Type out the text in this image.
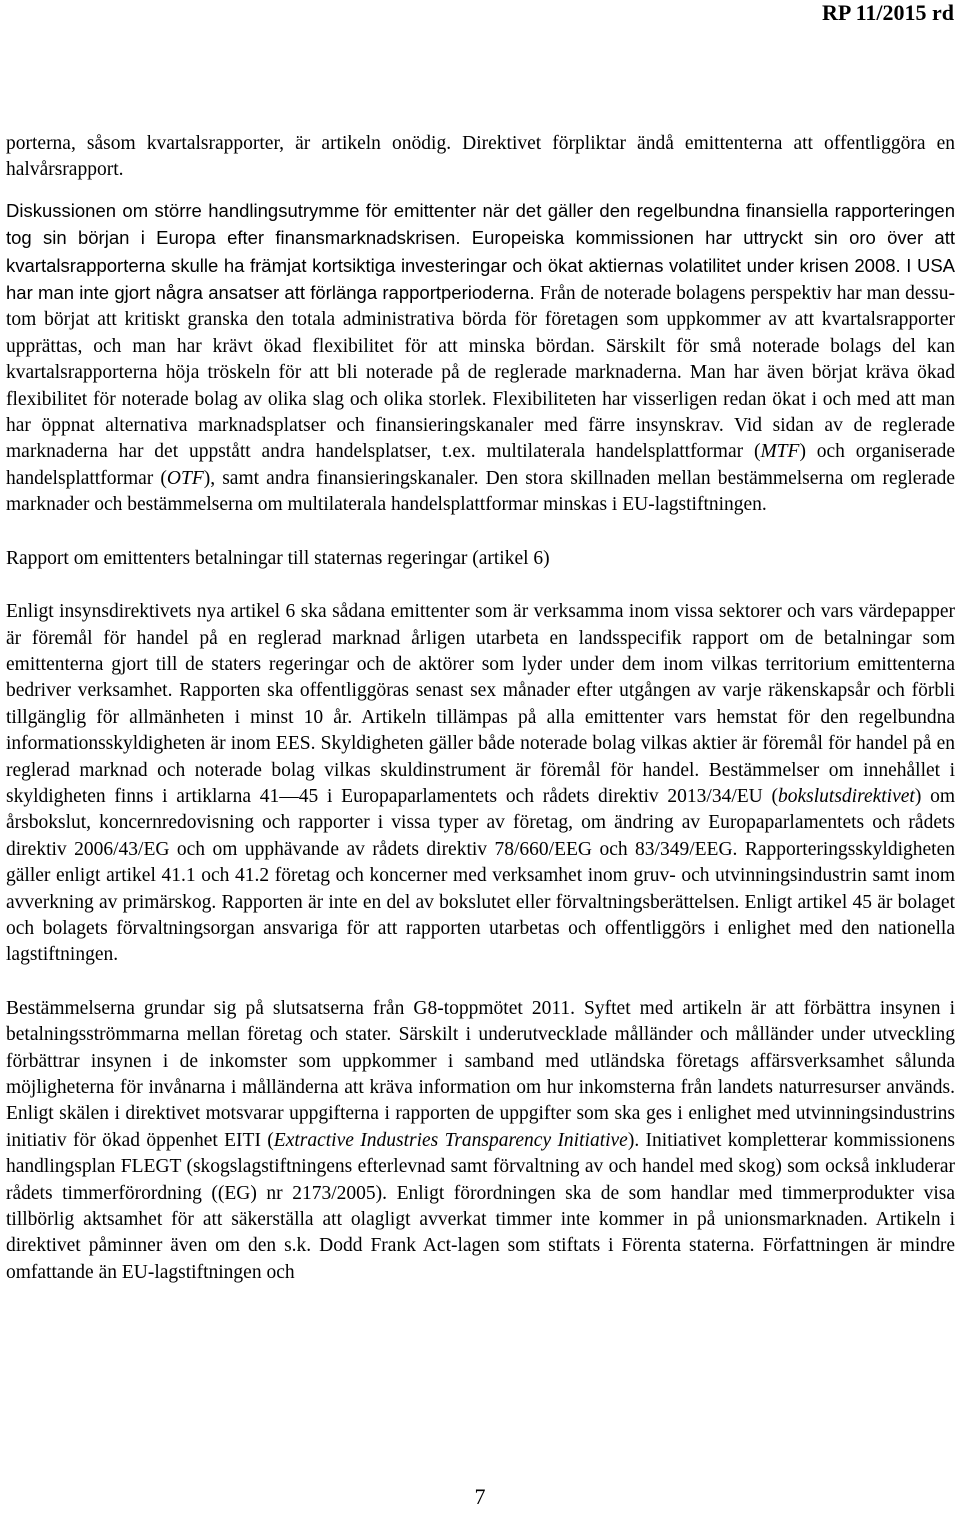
RP 11/2015 rd

porterna, såsom kvartalsrapporter, är artikeln onödig. Direktivet förpliktar ändå emittenterna att offentliggöra en halvårsrapport.

Diskussionen om större handlingsutrymme för emittenter när det gäller den regelbundna finansiella rapporteringen tog sin början i Europa efter finansmarknadskrisen. Europeiska kommissionen har uttryckt sin oro över att kvartalsrapporterna skulle ha främjat kortsiktiga investeringar och ökat aktiernas volatilitet under krisen 2008. I USA har man inte gjort några ansatser att förlänga rapportperioderna. Från de noterade bolagens perspektiv har man dessutom börjat att kritiskt granska den totala administrativa börda för företagen som uppkommer av att kvartalsrapporter upprättas, och man har krävt ökad flexibilitet för att minska bördan. Särskilt för små noterade bolags del kan kvartalsrapporterna höja tröskeln för att bli noterade på de reglerade marknaderna. Man har även börjat kräva ökad flexibilitet för noterade bolag av olika slag och olika storlek. Flexibiliteten har visserligen redan ökat i och med att man har öppnat alternativa marknadsplatser och finansieringskanaler med färre insynskrav. Vid sidan av de reglerade marknaderna har det uppstått andra handelsplatser, t.ex. multilaterala handelsplattformar (MTF) och organiserade handelsplattformar (OTF), samt andra finansieringskanaler. Den stora skillnaden mellan bestämmelserna om reglerade marknader och bestämmelserna om multilaterala handelsplattformar minskas i EU-lagstiftningen.

Rapport om emittenters betalningar till staternas regeringar (artikel 6)

Enligt insynsdirektivets nya artikel 6 ska sådana emittenter som är verksamma inom vissa sektorer och vars värdepapper är föremål för handel på en reglerad marknad årligen utarbeta en landsspecifik rapport om de betalningar som emittenterna gjort till de staters regeringar och de aktörer som lyder under dem inom vilkas territorium emittenterna bedriver verksamhet. Rapporten ska offentliggöras senast sex månader efter utgången av varje räkenskapsår och förbli tillgänglig för allmänheten i minst 10 år. Artikeln tillämpas på alla emittenter vars hemstat för den regelbundna informationsskyldigheten är inom EES. Skyldigheten gäller både noterade bolag vilkas aktier är föremål för handel på en reglerad marknad och noterade bolag vilkas skuldinstrument är föremål för handel. Bestämmelser om innehållet i skyldigheten finns i artiklarna 41—45 i Europaparlamentets och rådets direktiv 2013/34/EU (bokslutsdirektivet) om årsbokslut, koncernredovisning och rapporter i vissa typer av företag, om ändring av Europaparlamentets och rådets direktiv 2006/43/EG och om upphävande av rådets direktiv 78/660/EEG och 83/349/EEG. Rapporteringsskyldigheten gäller enligt artikel 41.1 och 41.2 företag och koncerner med verksamhet inom gruv- och utvinningsindustrin samt inom avverkning av primärskog. Rapporten är inte en del av bokslutet eller förvaltningsberättelsen. Enligt artikel 45 är bolaget och bolagets förvaltningsorgan ansvariga för att rapporten utarbetas och offentliggörs i enlighet med den nationella lagstiftningen.

Bestämmelserna grundar sig på slutsatserna från G8-toppmötet 2011. Syftet med artikeln är att förbättra insynen i betalningsströmmarna mellan företag och stater. Särskilt i underutvecklade målländer och målländer under utveckling förbättrar insynen i de inkomster som uppkommer i samband med utländska företags affärsverksamhet sålunda möjligheterna för invånarna i målländerna att kräva information om hur inkomsterna från landets naturresurser används. Enligt skälen i direktivet motsvarar uppgifterna i rapporten de uppgifter som ska ges i enlighet med utvinningsindustrins initiativ för ökad öppenhet EITI (Extractive Industries Transparency Initiative). Initiativet kompletterar kommissionens handlingsplan FLEGT (skogslagstiftningens efterlevnad samt förvaltning av och handel med skog) som också inkluderar rådets timmerförordning ((EG) nr 2173/2005). Enligt förordningen ska de som handlar med timmerprodukter visa tillbörlig aktsamhet för att säkerställa att olagligt avverkat timmer inte kommer in på unionsmarknaden. Artikeln i direktivet påminner även om den s.k. Dodd Frank Act-lagen som stiftats i Förenta staterna. Författningen är mindre omfattande än EU-lagstiftningen och

7
